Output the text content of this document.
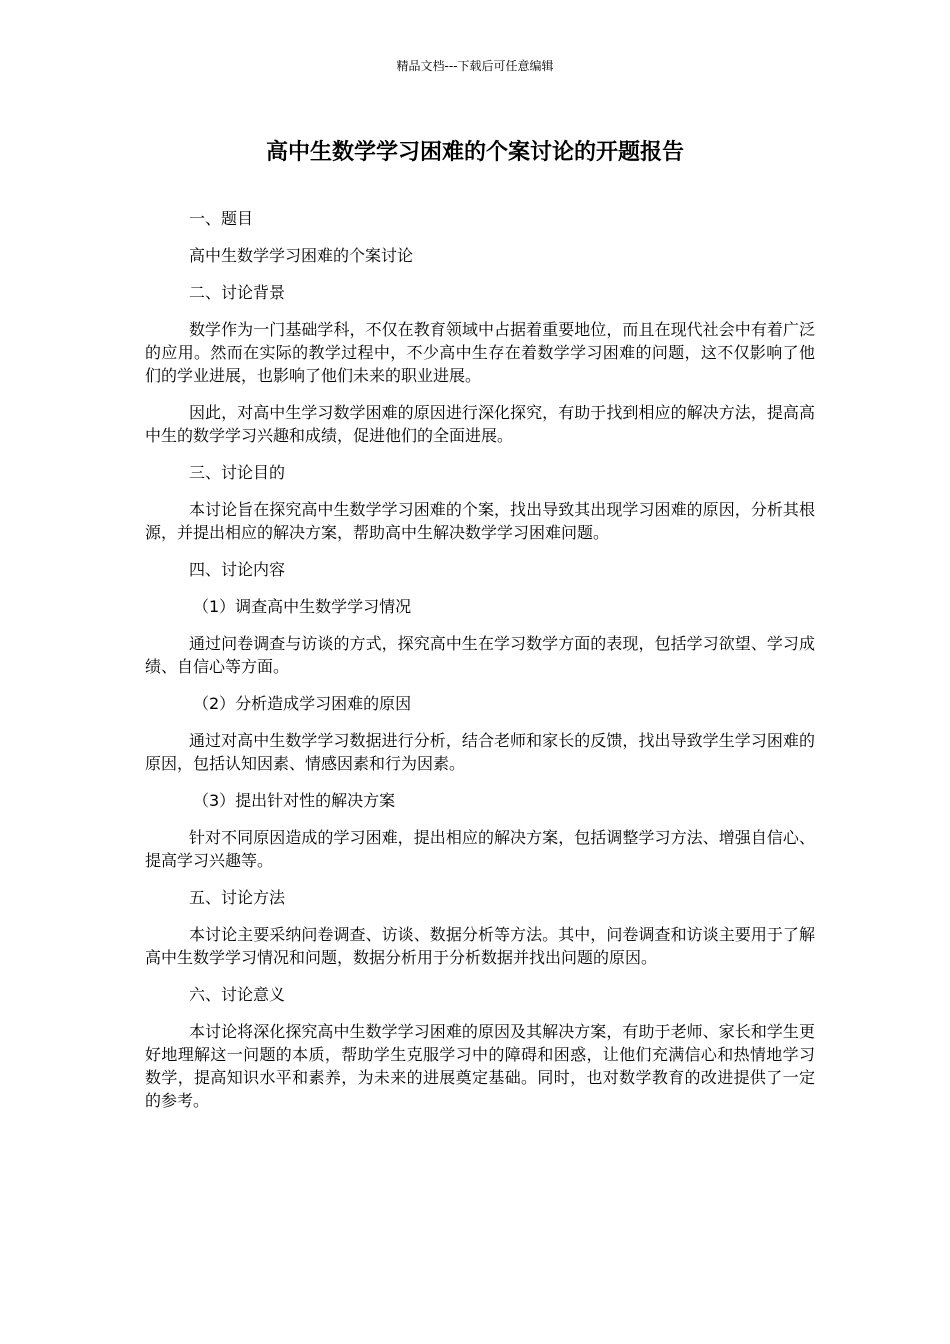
精品文档---下载后可任意编辑
高中生数学学习困难的个案讨论的开题报告

一、题目

高中生数学学习困难的个案讨论

二、讨论背景

数学作为一门基础学科，不仅在教育领域中占据着重要地位，而且在现代社会中有着广泛的应用。然而在实际的教学过程中，不少高中生存在着数学学习困难的问题，这不仅影响了他们的学业进展，也影响了他们未来的职业进展。

因此，对高中生学习数学困难的原因进行深化探究，有助于找到相应的解决方法，提高高中生的数学学习兴趣和成绩，促进他们的全面进展。

三、讨论目的

本讨论旨在探究高中生数学学习困难的个案，找出导致其出现学习困难的原因，分析其根源，并提出相应的解决方案，帮助高中生解决数学学习困难问题。

四、讨论内容

（1）调查高中生数学学习情况

通过问卷调查与访谈的方式，探究高中生在学习数学方面的表现，包括学习欲望、学习成绩、自信心等方面。

（2）分析造成学习困难的原因

通过对高中生数学学习数据进行分析，结合老师和家长的反馈，找出导致学生学习困难的原因，包括认知因素、情感因素和行为因素。

（3）提出针对性的解决方案

针对不同原因造成的学习困难，提出相应的解决方案，包括调整学习方法、增强自信心、提高学习兴趣等。

五、讨论方法

本讨论主要采纳问卷调查、访谈、数据分析等方法。其中，问卷调查和访谈主要用于了解高中生数学学习情况和问题，数据分析用于分析数据并找出问题的原因。

六、讨论意义

本讨论将深化探究高中生数学学习困难的原因及其解决方案，有助于老师、家长和学生更好地理解这一问题的本质，帮助学生克服学习中的障碍和困惑，让他们充满信心和热情地学习数学，提高知识水平和素养，为未来的进展奠定基础。同时，也对数学教育的改进提供了一定的参考。
